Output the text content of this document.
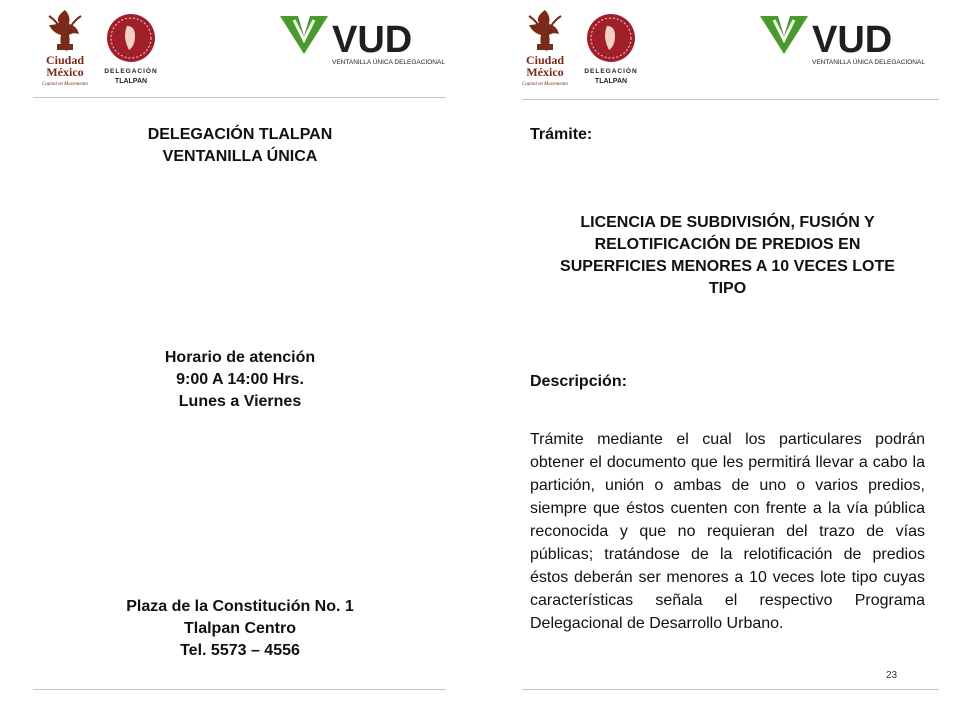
Ciudad
México
Capital en Movimiento
DELEGACIÓN
TLALPAN
VUD
VENTANILLA ÚNICA DELEGACIONAL
DELEGACIÓN TLALPAN
VENTANILLA ÚNICA
Horario de atención
9:00 A 14:00 Hrs.
Lunes a Viernes
Plaza de la Constitución No. 1
Tlalpan Centro
Tel. 5573 – 4556
Ciudad
México
Capital en Movimiento
DELEGACIÓN
TLALPAN
VUD
VENTANILLA ÚNICA DELEGACIONAL
Trámite:
LICENCIA DE SUBDIVISIÓN, FUSIÓN Y
RELOTIFICACIÓN DE PREDIOS EN
SUPERFICIES MENORES A 10 VECES LOTE
TIPO
Descripción:
Trámite mediante el cual los particulares podrán obtener el documento que les permitirá llevar a cabo la partición, unión o ambas de uno o varios predios, siempre que éstos cuenten con frente a la vía pública reconocida y que no requieran del trazo de vías públicas; tratándose de la relotificación de predios éstos deberán ser menores a 10 veces lote tipo cuyas características señala el respectivo Programa Delegacional de Desarrollo Urbano.
23
